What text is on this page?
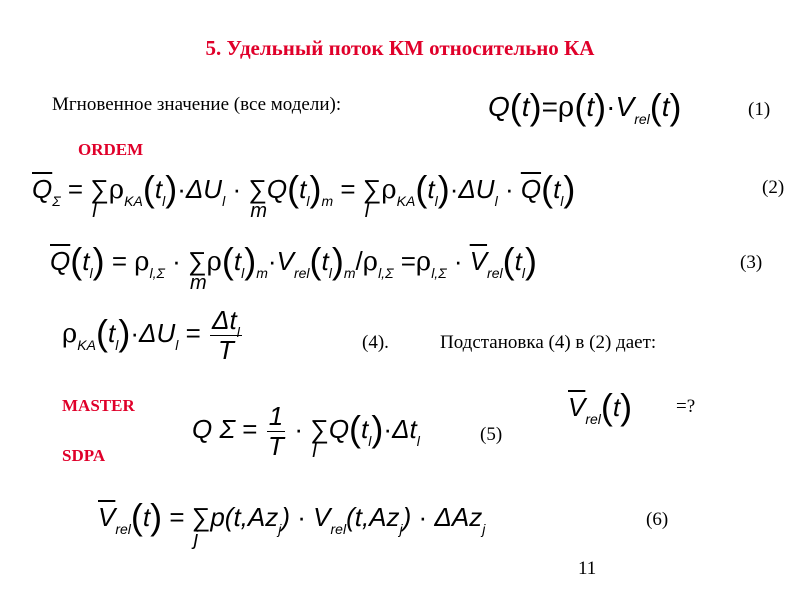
5. Удельный поток КМ относительно КА
Мгновенное значение (все модели):	$Q(t)=\rho(t)\cdot V_{rel}(t)$	(1)
ORDEM
$\overline{Q}_\Sigma$ = ∑
l
$\rho_{KA}(t_l)\cdot\Delta U_l$ · ∑
m
$Q(t_l)_m$ = ∑
l
$\rho_{KA}(t_l)\cdot\Delta U_l \cdot \overline{Q}(t_l)$	(2)
$\overline{Q}(t_l) = \rho_{l,\Sigma}$ · ∑
m
$\rho(t_l)_m\cdot V_{rel}(t_l)_m/\rho_{l,\Sigma} =\rho_{l,\Sigma} \cdot \overline{V}_{rel}(t_l)$	(3)
$\rho_{KA}(t_l)\cdot\Delta U_l = \frac{\Delta t_l}{T}$	(4).	Подстановка (4) в (2) дает:
MASTER	$\overline{V}_{rel}(t)$ =?
Q $\Sigma = \frac{1}{T}$ · ∑
l
$Q(t_l)\cdot\Delta t_l$	(5)
SDPA
$\overline{V}_{rel}(t)$ = ∑
j
$p(t,Az_j) \cdot V_{rel}(t,Az_j) \cdot \Delta Az_j$	(6)
11
